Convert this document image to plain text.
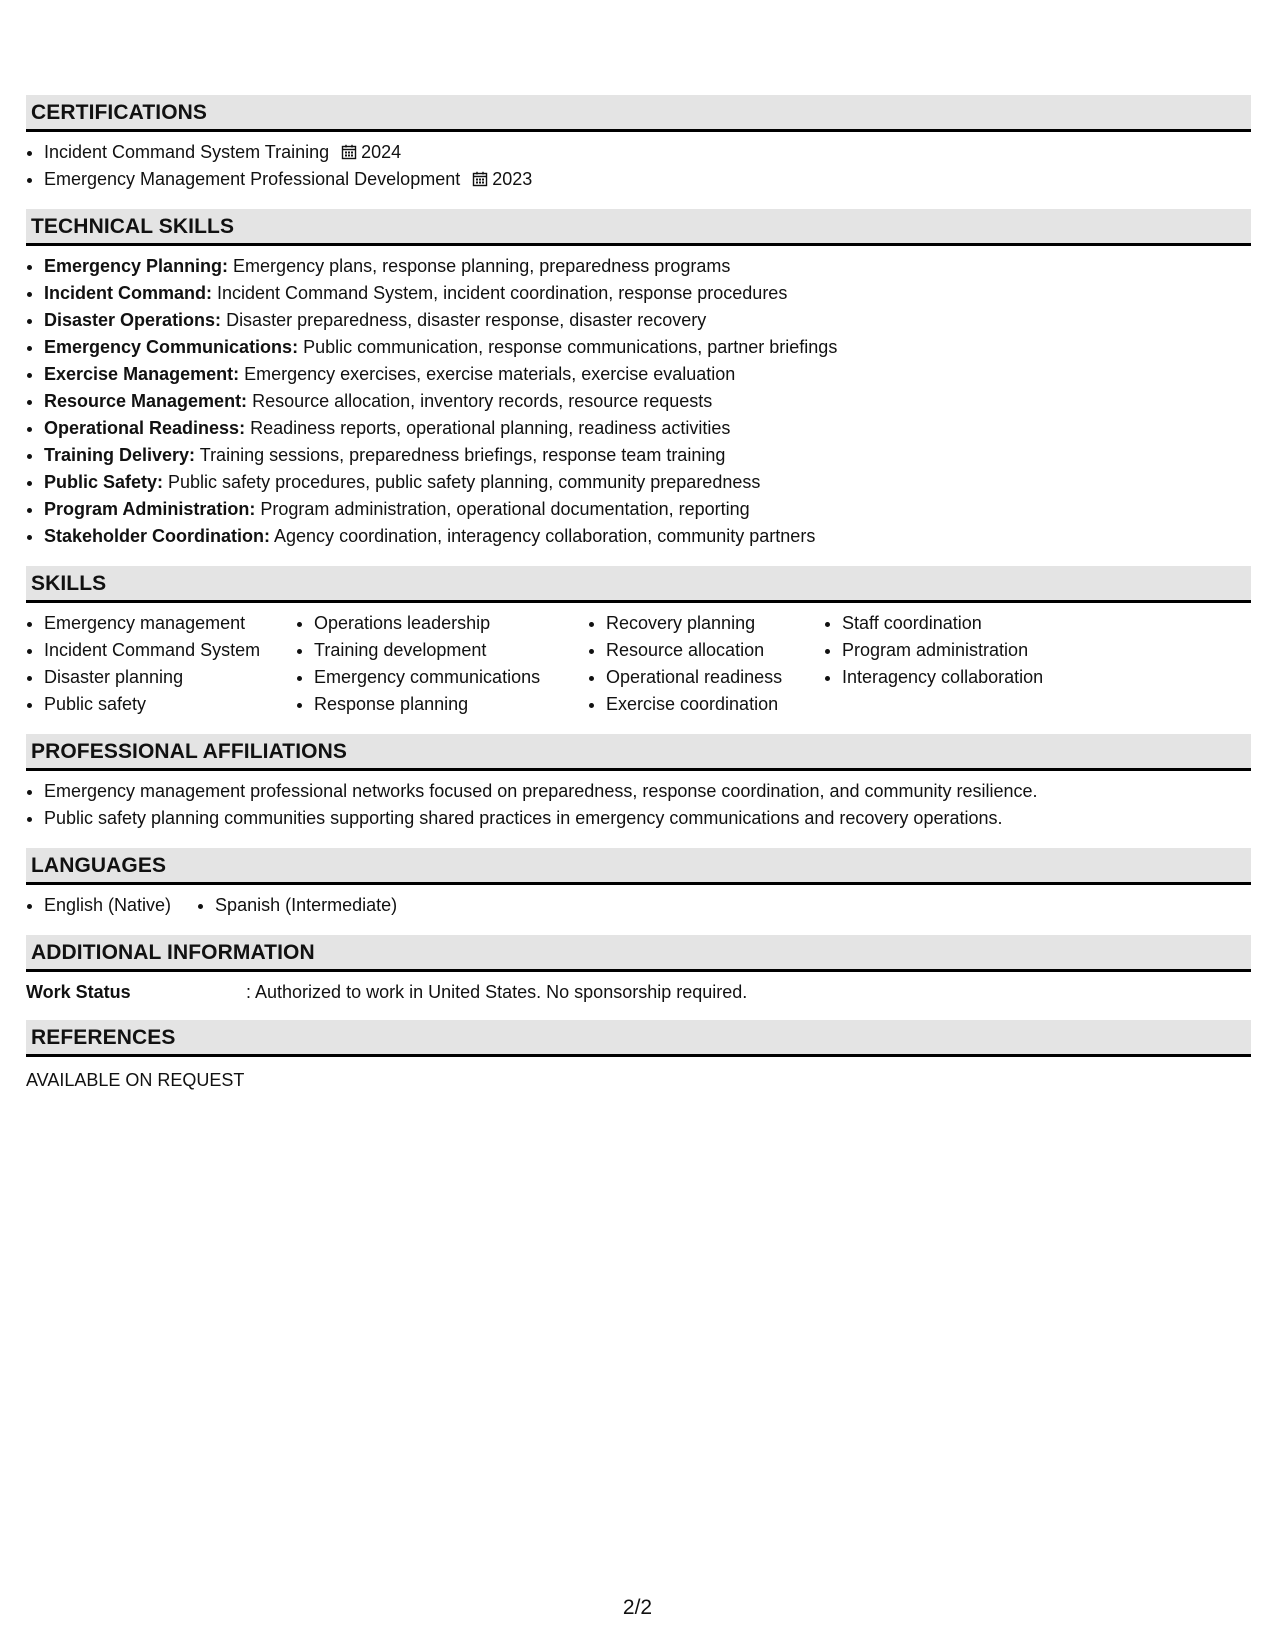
CERTIFICATIONS
• Incident Command System Training 2024
• Emergency Management Professional Development 2023
TECHNICAL SKILLS
• Emergency Planning: Emergency plans, response planning, preparedness programs
• Incident Command: Incident Command System, incident coordination, response procedures
• Disaster Operations: Disaster preparedness, disaster response, disaster recovery
• Emergency Communications: Public communication, response communications, partner briefings
• Exercise Management: Emergency exercises, exercise materials, exercise evaluation
• Resource Management: Resource allocation, inventory records, resource requests
• Operational Readiness: Readiness reports, operational planning, readiness activities
• Training Delivery: Training sessions, preparedness briefings, response team training
• Public Safety: Public safety procedures, public safety planning, community preparedness
• Program Administration: Program administration, operational documentation, reporting
• Stakeholder Coordination: Agency coordination, interagency collaboration, community partners
SKILLS
• Emergency management
• Incident Command System
• Disaster planning
• Public safety
• Operations leadership
• Training development
• Emergency communications
• Response planning
• Recovery planning
• Resource allocation
• Operational readiness
• Exercise coordination
• Staff coordination
• Program administration
• Interagency collaboration
PROFESSIONAL AFFILIATIONS
• Emergency management professional networks focused on preparedness, response coordination, and community resilience.
• Public safety planning communities supporting shared practices in emergency communications and recovery operations.
LANGUAGES
• English (Native)
• Spanish (Intermediate)
ADDITIONAL INFORMATION
Work Status	: Authorized to work in United States. No sponsorship required.
REFERENCES
AVAILABLE ON REQUEST
2/2
